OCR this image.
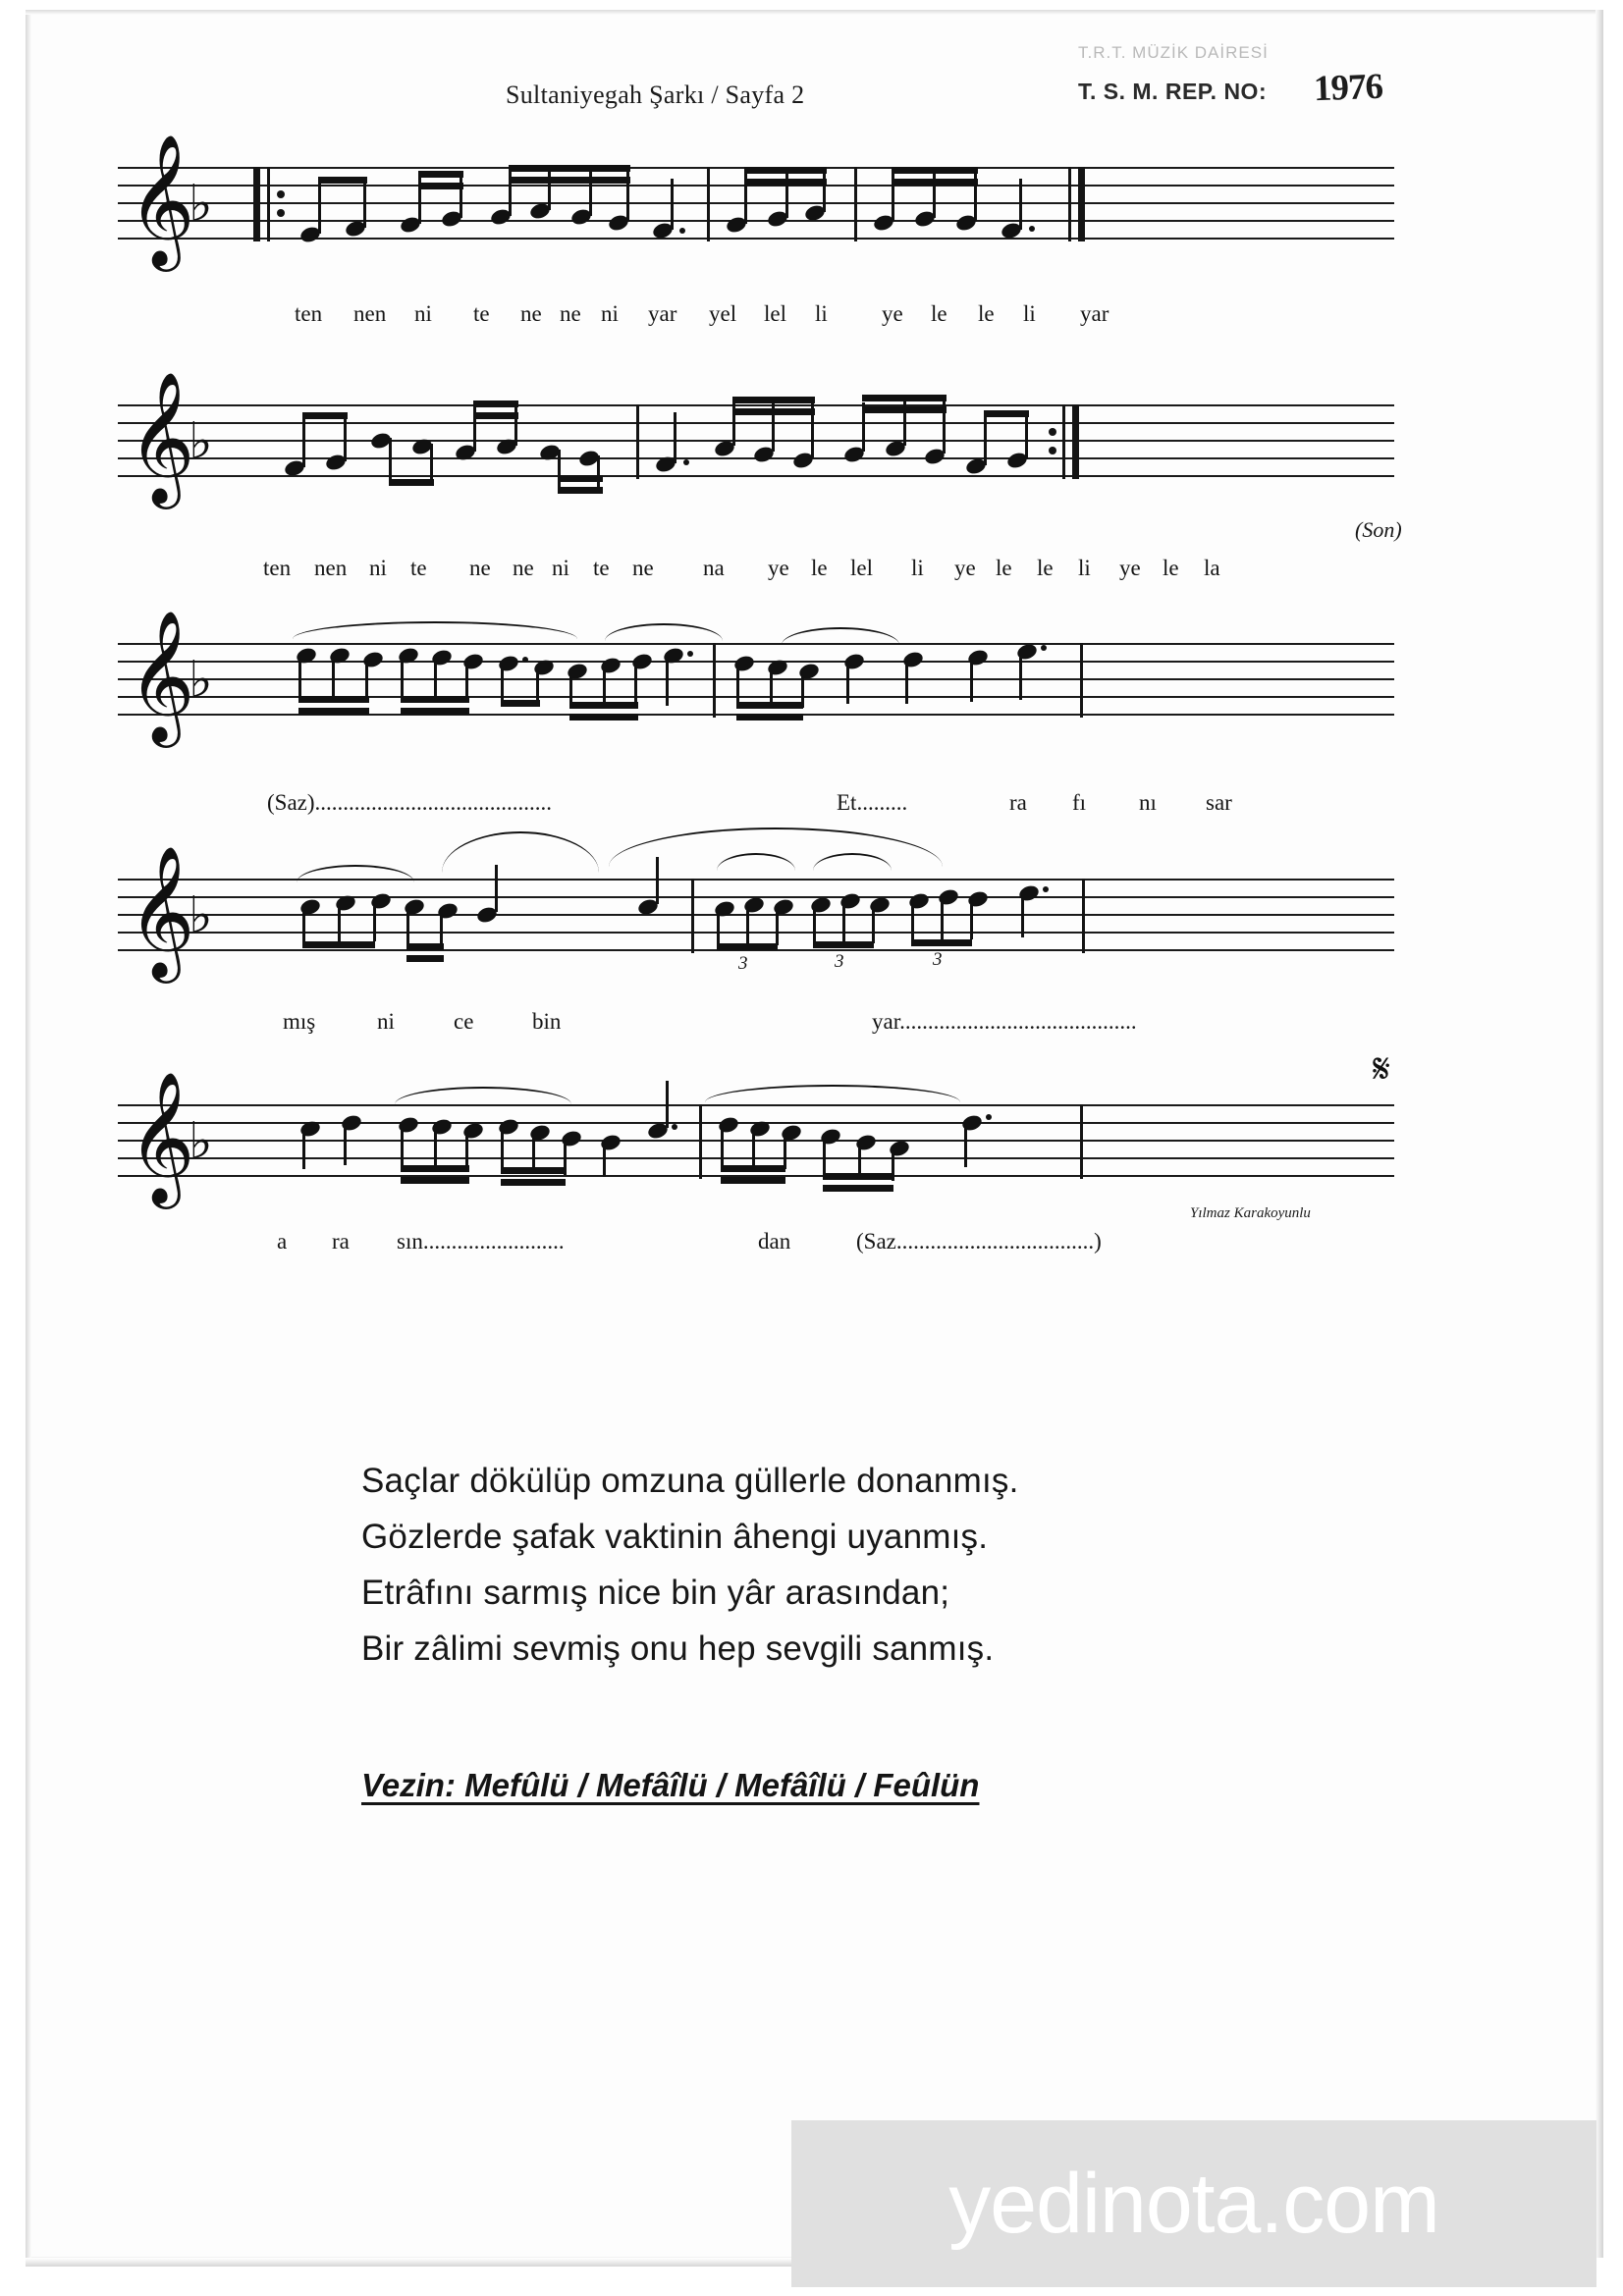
Sultaniyegah Şarkı / Sayfa 2
T.R.T. MÜZİK DAİRESİ
T. S. M. REP. NO: 1976
𝄞
♭
ten nen ni te ne ne ni yar yel lel li ye le le li yar
𝄞
♭
(Son)
ten nen ni te ne ne ni te ne na ye le lel li ye le le li ye le la
𝄞
♭
(Saz)..........................................	Et.........	ra fı nı sar
𝄞
♭
3	3	3
mış	ni	ce	bin	yar..........................................
𝄞
♭
𝄋
Yılmaz Karakoyunlu
a ra sın.........................	dan	(Saz...................................)
Saçlar dökülüp omzuna güllerle donanmış.
Gözlerde şafak vaktinin âhengi uyanmış.
Etrâfını sarmış nice bin yâr arasından;
Bir zâlimi sevmiş onu hep sevgili sanmış.
Vezin: Mefûlü / Mefâîlü / Mefâîlü / Feûlün
yedinota.com
